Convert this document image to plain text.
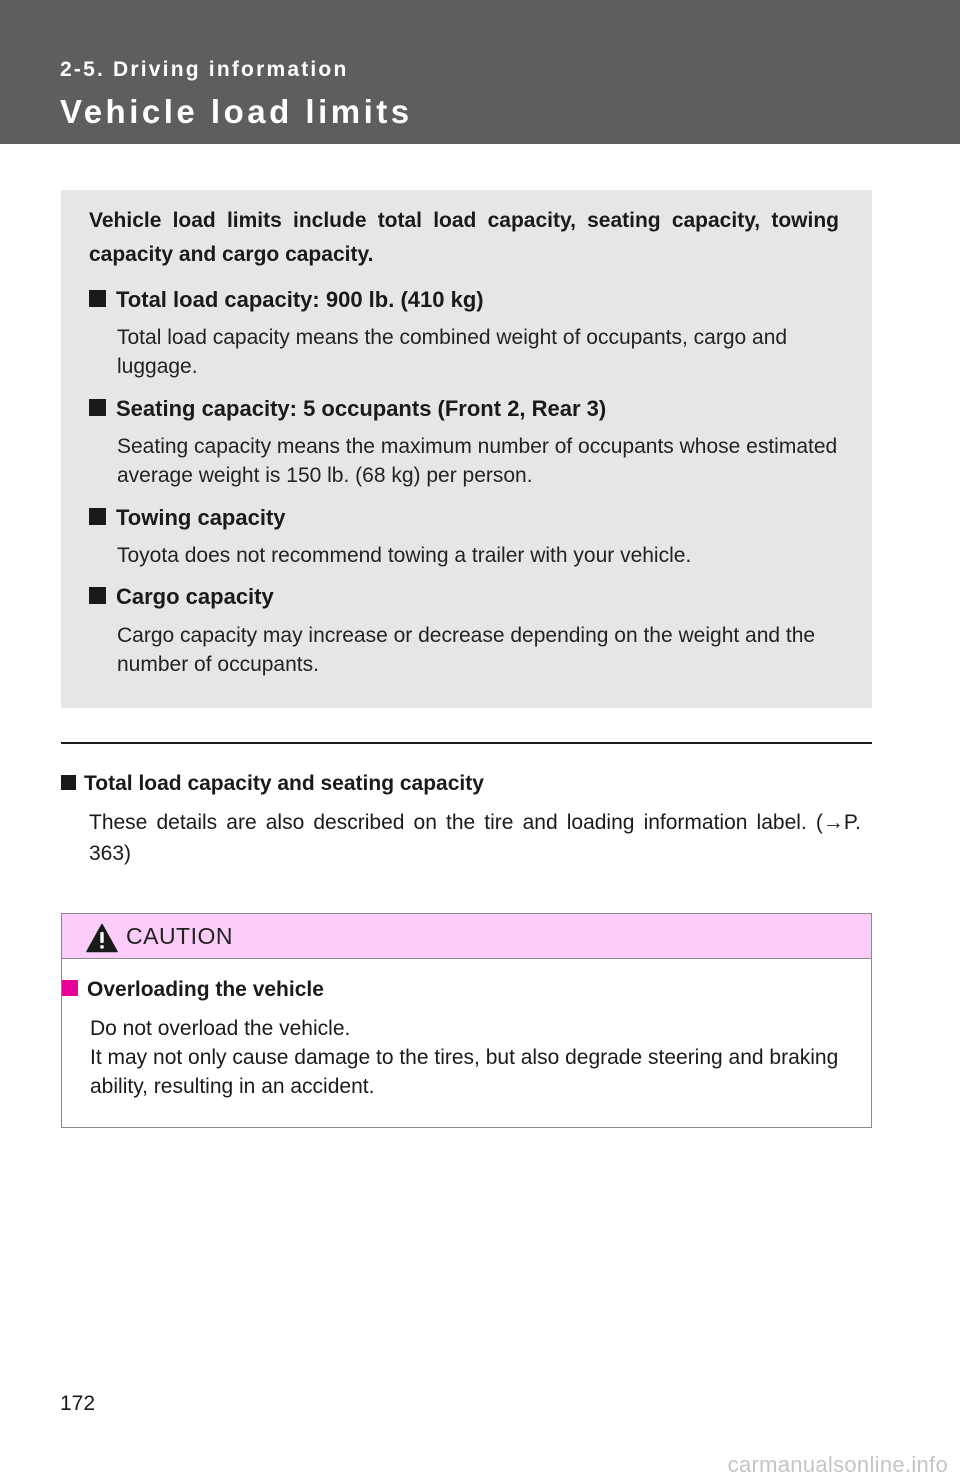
2-5. Driving information
Vehicle load limits
Vehicle load limits include total load capacity, seating capacity, towing capacity and cargo capacity.
Total load capacity: 900 lb. (410 kg)
Total load capacity means the combined weight of occupants, cargo and luggage.
Seating capacity: 5 occupants (Front 2, Rear 3)
Seating capacity means the maximum number of occupants whose estimated average weight is 150 lb. (68 kg) per person.
Towing capacity
Toyota does not recommend towing a trailer with your vehicle.
Cargo capacity
Cargo capacity may increase or decrease depending on the weight and the number of occupants.
Total load capacity and seating capacity
These details are also described on the tire and loading information label. (→P. 363)
CAUTION
Overloading the vehicle

Do not overload the vehicle.

It may not only cause damage to the tires, but also degrade steering and braking ability, resulting in an accident.

172
carmanualsonline.info
